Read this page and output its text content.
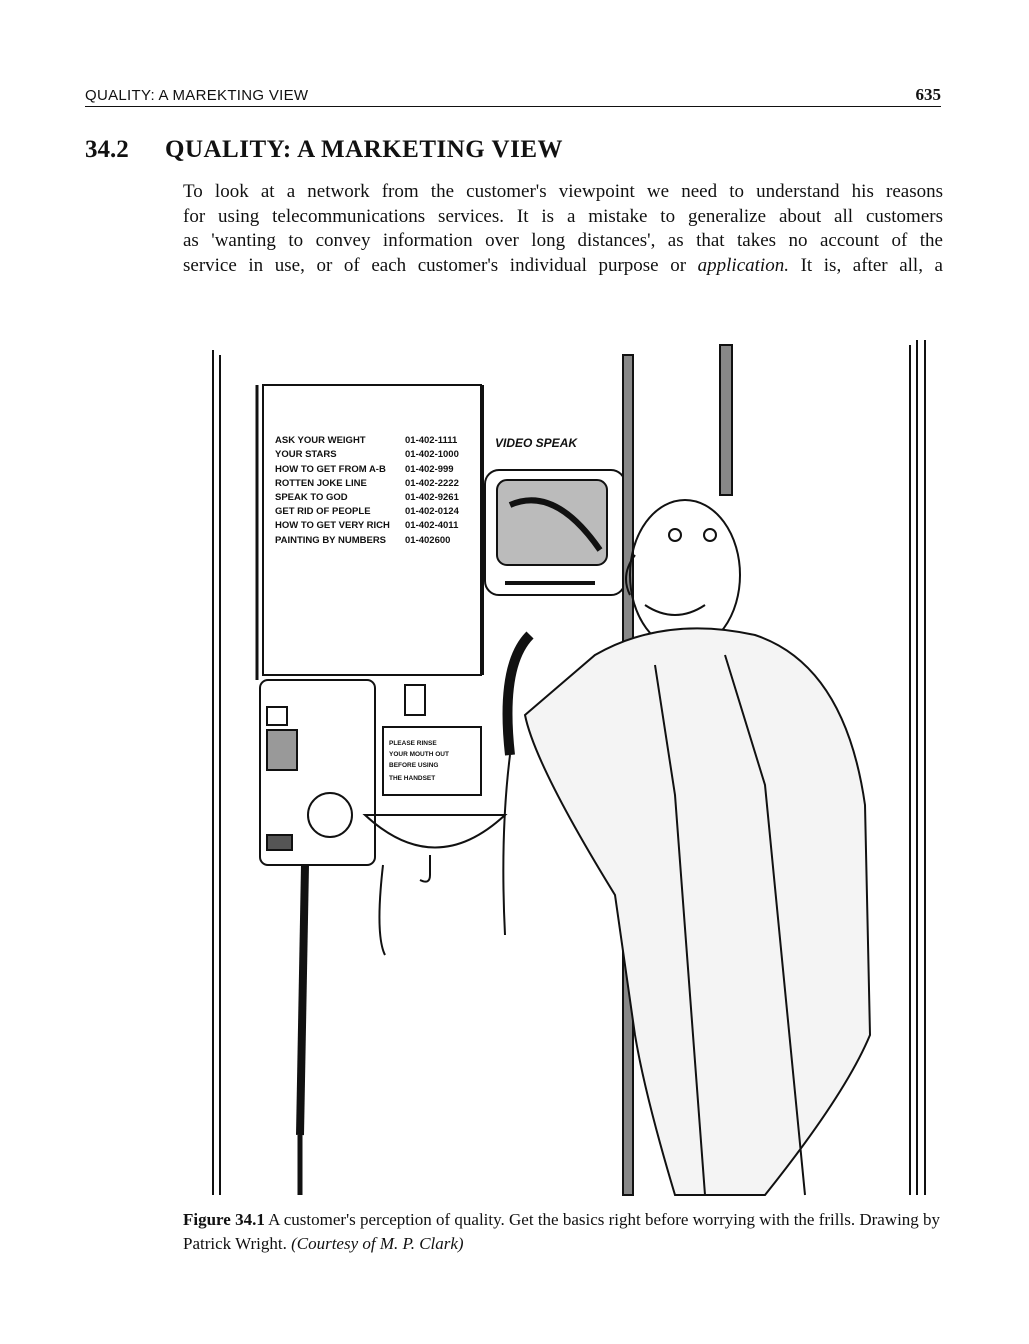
QUALITY: A MAREKTING VIEW	635
34.2 QUALITY: A MARKETING VIEW
To look at a network from the customer's viewpoint we need to understand his reasons
for using telecommunications services. It is a mistake to generalize about all customers
as 'wanting to convey information over long distances', as that takes no account of the
service in use, or of each customer's individual purpose or application. It is, after all, a
ASK YOUR WEIGHT	01-402-1111
YOUR STARS	01-402-1000
HOW TO GET FROM A-B 01-402-999
ROTTEN JOKE LINE	01-402-2222
SPEAK TO GOD	01-402-9261
GET RID OF PEOPLE	01-402-0124
HOW TO GET VERY RICH 01-402-4011
PAINTING BY NUMBERS 01-402600
VIDEO SPEAK
PLEASE RINSE
YOUR MOUTH OUT
BEFORE USING
THE HANDSET
Figure 34.1 A customer's perception of quality. Get the basics right before worrying with the frills. Drawing by Patrick Wright. (Courtesy of M. P. Clark)
